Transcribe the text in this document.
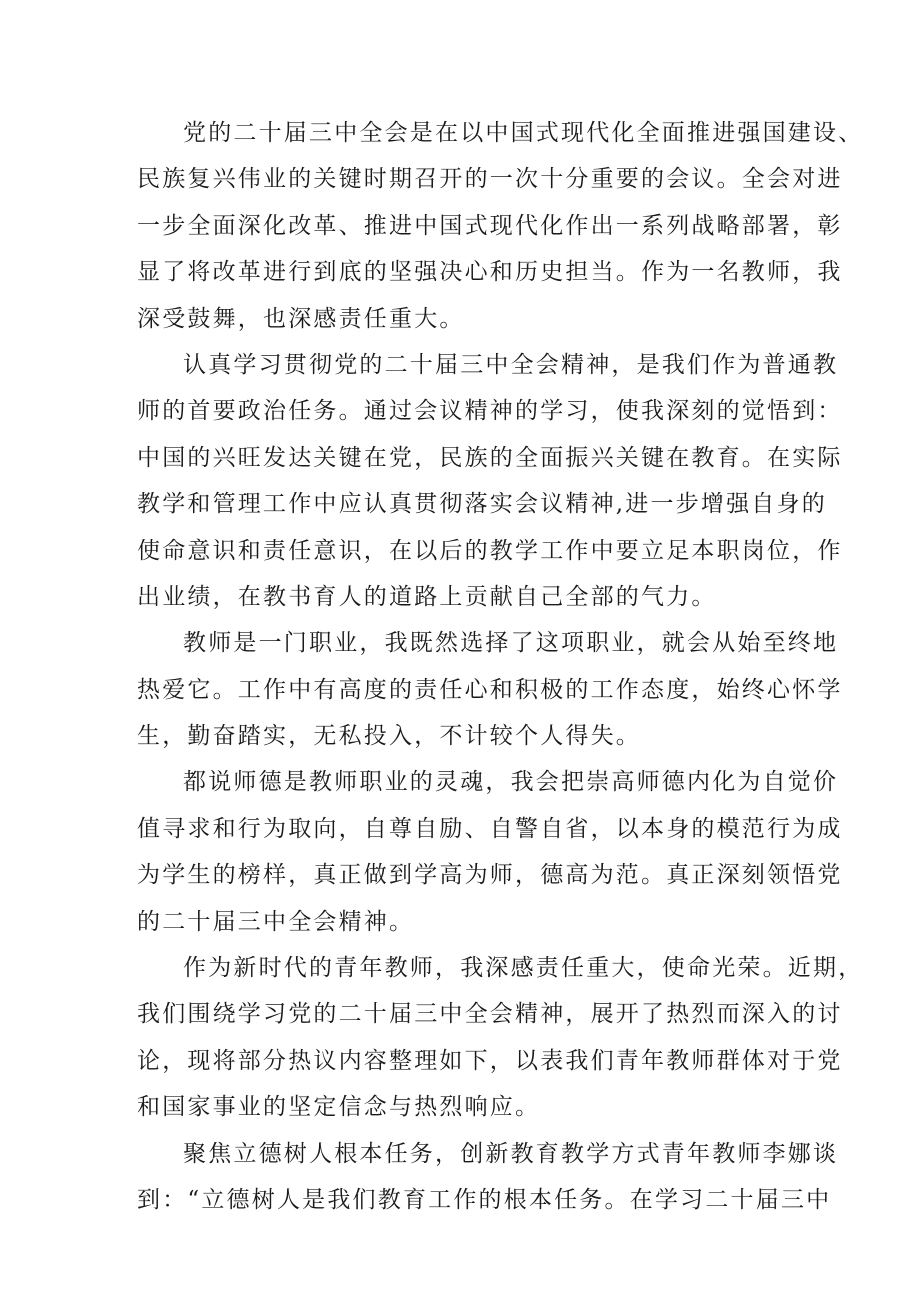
党的二十届三中全会是在以中国式现代化全面推进强国建设、
民族复兴伟业的关键时期召开的一次十分重要的会议。全会对进
一步全面深化改革、推进中国式现代化作出一系列战略部署，彰
显了将改革进行到底的坚强决心和历史担当。作为一名教师，我
深受鼓舞，也深感责任重大。
认真学习贯彻党的二十届三中全会精神，是我们作为普通教
师的首要政治任务。通过会议精神的学习，使我深刻的觉悟到：
中国的兴旺发达关键在党，民族的全面振兴关键在教育。在实际
教学和管理工作中应认真贯彻落实会议精神,进一步增强自身的
使命意识和责任意识，在以后的教学工作中要立足本职岗位，作
出业绩，在教书育人的道路上贡献自己全部的气力。
教师是一门职业，我既然选择了这项职业，就会从始至终地
热爱它。工作中有高度的责任心和积极的工作态度，始终心怀学
生，勤奋踏实，无私投入，不计较个人得失。
都说师德是教师职业的灵魂，我会把崇高师德内化为自觉价
值寻求和行为取向，自尊自励、自警自省，以本身的模范行为成
为学生的榜样，真正做到学高为师，德高为范。真正深刻领悟党
的二十届三中全会精神。
作为新时代的青年教师，我深感责任重大，使命光荣。近期，
我们围绕学习党的二十届三中全会精神，展开了热烈而深入的讨
论，现将部分热议内容整理如下，以表我们青年教师群体对于党
和国家事业的坚定信念与热烈响应。
聚焦立德树人根本任务，创新教育教学方式青年教师李娜谈
到：“立德树人是我们教育工作的根本任务。在学习二十届三中
